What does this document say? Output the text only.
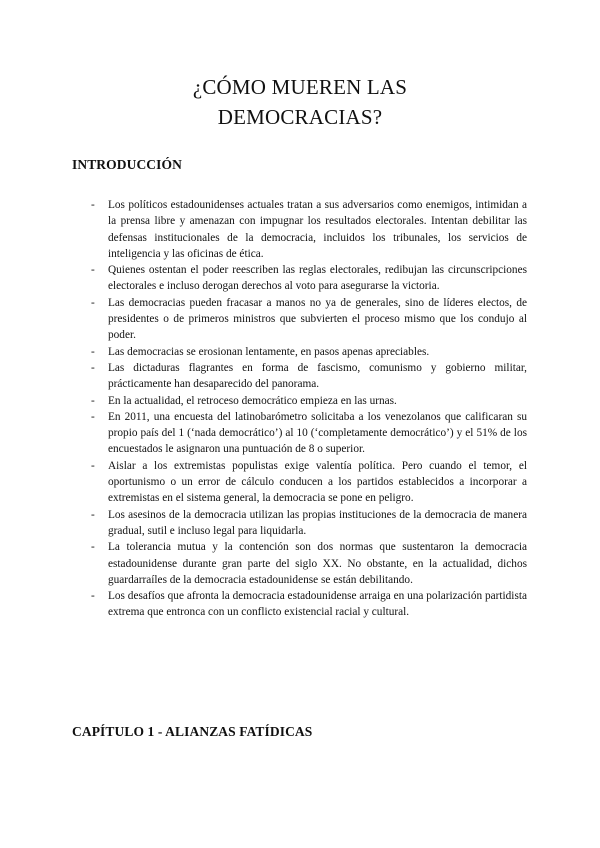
¿CÓMO MUEREN LAS
DEMOCRACIAS?
INTRODUCCIÓN
- Los políticos estadounidenses actuales tratan a sus adversarios como enemigos, intimidan a la prensa libre y amenazan con impugnar los resultados electorales. Intentan debilitar las defensas institucionales de la democracia, incluidos los tribunales, los servicios de inteligencia y las oficinas de ética.
- Quienes ostentan el poder reescriben las reglas electorales, redibujan las circunscripciones electorales e incluso derogan derechos al voto para asegurarse la victoria.
- Las democracias pueden fracasar a manos no ya de generales, sino de líderes electos, de presidentes o de primeros ministros que subvierten el proceso mismo que los condujo al poder.
- Las democracias se erosionan lentamente, en pasos apenas apreciables.
- Las dictaduras flagrantes en forma de fascismo, comunismo y gobierno militar, prácticamente han desaparecido del panorama.
- En la actualidad, el retroceso democrático empieza en las urnas.
- En 2011, una encuesta del latinobarómetro solicitaba a los venezolanos que calificaran su propio país del 1 (‘nada democrático’) al 10 (‘completamente democrático’) y el 51% de los encuestados le asignaron una puntuación de 8 o superior.
- Aislar a los extremistas populistas exige valentía política. Pero cuando el temor, el oportunismo o un error de cálculo conducen a los partidos establecidos a incorporar a extremistas en el sistema general, la democracia se pone en peligro.
- Los asesinos de la democracia utilizan las propias instituciones de la democracia de manera gradual, sutil e incluso legal para liquidarla.
- La tolerancia mutua y la contención son dos normas que sustentaron la democracia estadounidense durante gran parte del siglo XX. No obstante, en la actualidad, dichos guardarraíles de la democracia estadounidense se están debilitando.
- Los desafíos que afronta la democracia estadounidense arraiga en una polarización partidista extrema que entronca con un conflicto existencial racial y cultural.
CAPÍTULO 1 - ALIANZAS FATÍDICAS
